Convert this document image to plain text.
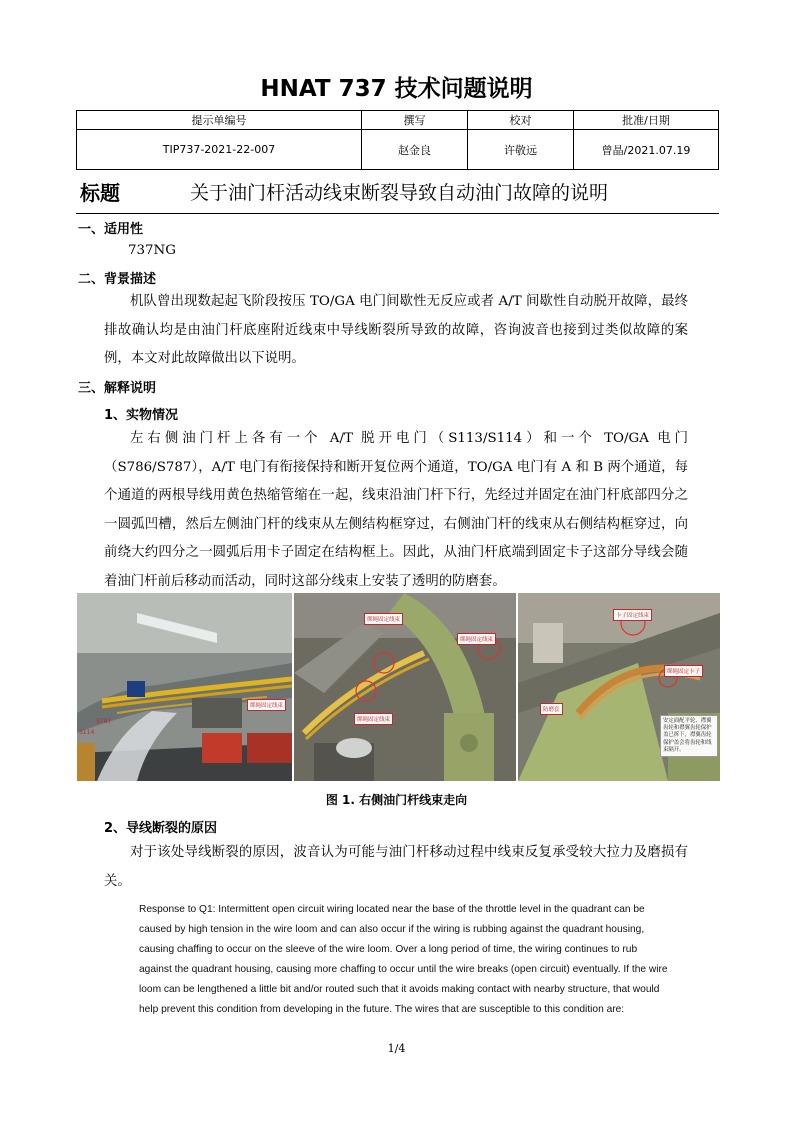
HNAT 737 技术问题说明
提示单编号	撰写	校对	批准/日期
TIP737-2021-22-007	赵金良	许敬远	曾晶/2021.07.19
标题	关于油门杆活动线束断裂导致自动油门故障的说明
一、适用性
737NG
二、背景描述
机队曾出现数起起飞阶段按压 TO/GA 电门间歇性无反应或者 A/T 间歇性自动脱开故障，最终排故确认均是由油门杆底座附近线束中导线断裂所导致的故障，咨询波音也接到过类似故障的案例，本文对此故障做出以下说明。
三、解释说明
1、实物情况
左右侧油门杆上各有一个 A/T 脱开电门（S113/S114）和一个 TO/GA 电门（S786/S787），A/T 电门有衔接保持和断开复位两个通道，TO/GA 电门有 A 和 B 两个通道，每个通道的两根导线用黄色热缩管缩在一起，线束沿油门杆下行，先经过并固定在油门杆底部四分之一圆弧凹槽，然后左侧油门杆的线束从左侧结构框穿过，右侧油门杆的线束从右侧结构框穿过，向前绕大约四分之一圆弧后用卡子固定在结构框上。因此，从油门杆底端到固定卡子这部分导线会随着油门杆前后移动而活动，同时这部分线束上安装了透明的防磨套。
绑绳固定线束
S787
S114
绑绳固定线束
绑绳固定线束
绑绳固定线束
卡子固定线束
绑绳固定卡子
防磨套
安定面配平轮、襟翼齿轮和襟翼齿轮保护盖已拆下，襟翼齿轮保护盖会将齿轮和线束隔开。
图 1. 右侧油门杆线束走向
2、导线断裂的原因
对于该处导线断裂的原因，波音认为可能与油门杆移动过程中线束反复承受较大拉力及磨损有关。
Response to Q1: Intermittent open circuit wiring located near the base of the throttle level in the quadrant can be caused by high tension in the wire loom and can also occur if the wiring is rubbing against the quadrant housing, causing chaffing to occur on the sleeve of the wire loom. Over a long period of time, the wiring continues to rub against the quadrant housing, causing more chaffing to occur until the wire breaks (open circuit) eventually. If the wire loom can be lengthened a little bit and/or routed such that it avoids making contact with nearby structure, that would help prevent this condition from developing in the future. The wires that are susceptible to this condition are:
1/4
